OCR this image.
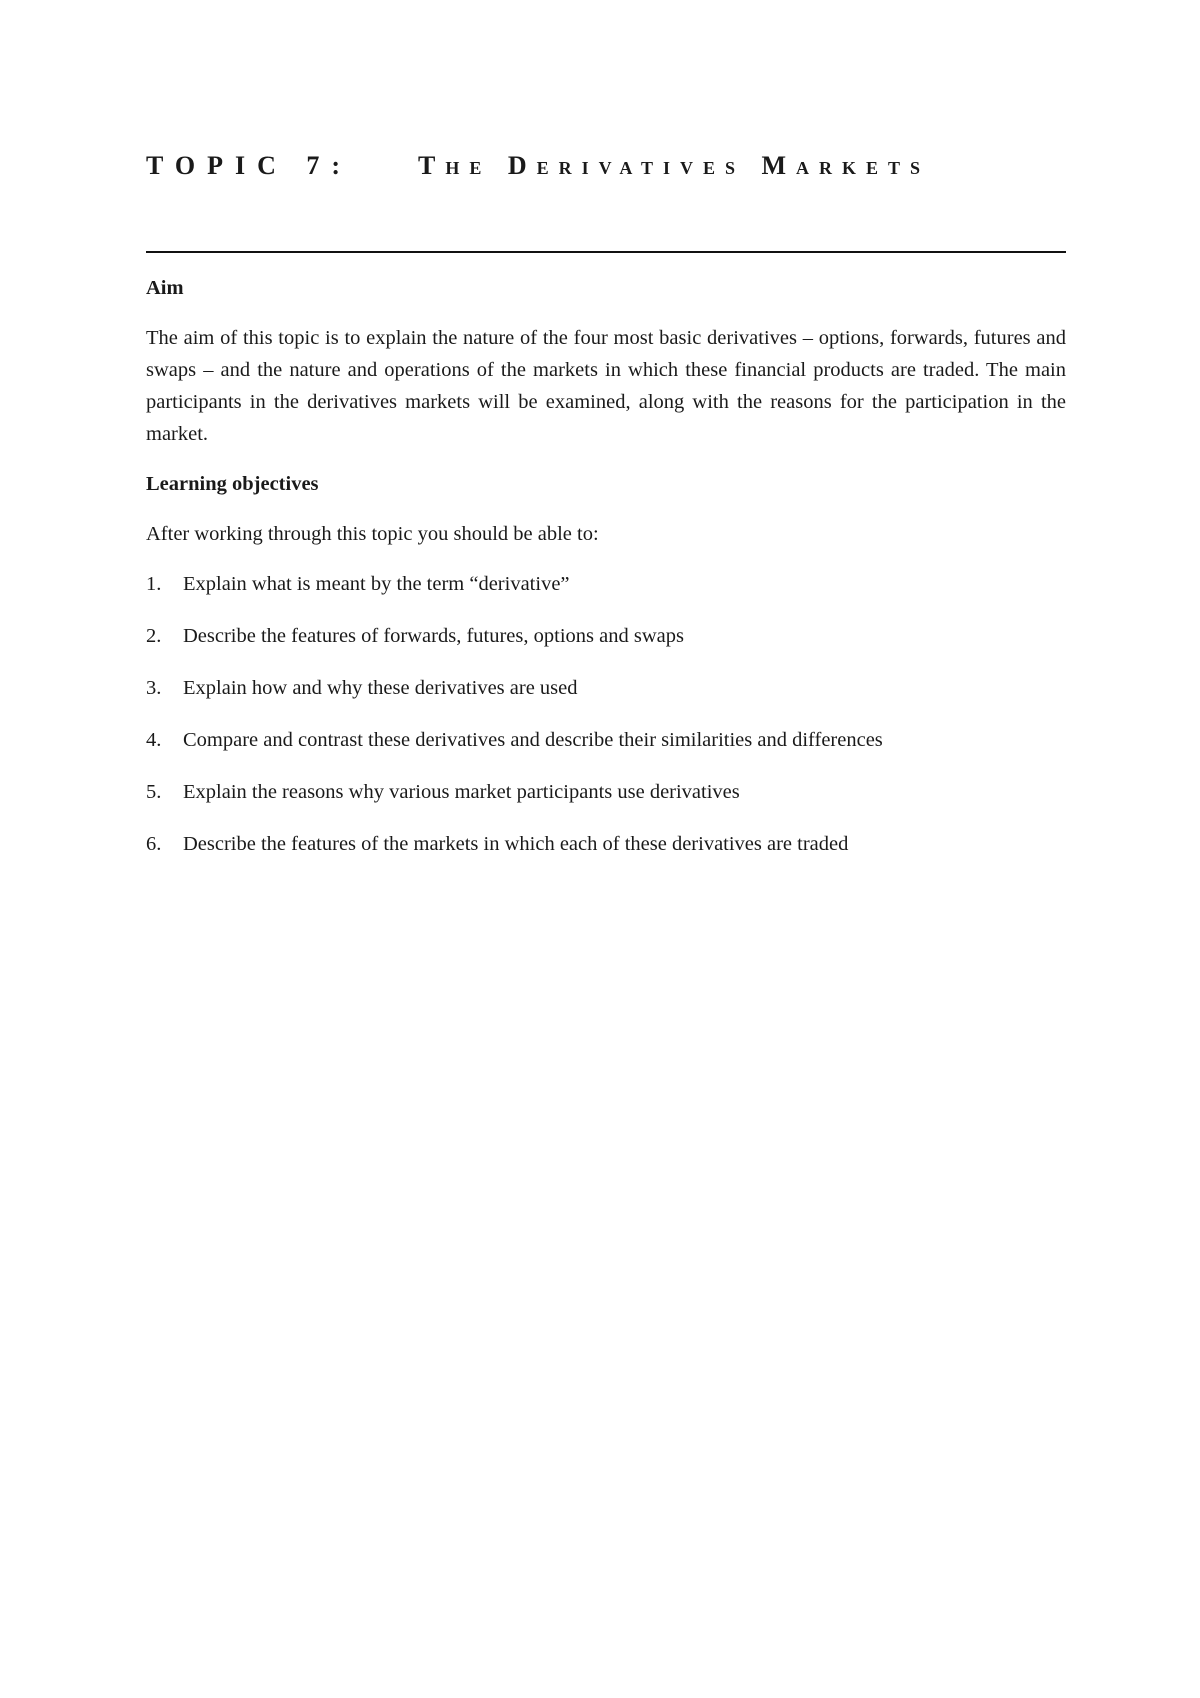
TOPIC 7:	The Derivatives Markets
Aim
The aim of this topic is to explain the nature of the four most basic derivatives – options, forwards, futures and swaps – and the nature and operations of the markets in which these financial products are traded. The main participants in the derivatives markets will be examined, along with the reasons for the participation in the market.
Learning objectives
After working through this topic you should be able to:
1.	Explain what is meant by the term “derivative”
2.	Describe the features of forwards, futures, options and swaps
3.	Explain how and why these derivatives are used
4.	Compare and contrast these derivatives and describe their similarities and differences
5.	Explain the reasons why various market participants use derivatives
6.	Describe the features of the markets in which each of these derivatives are traded
